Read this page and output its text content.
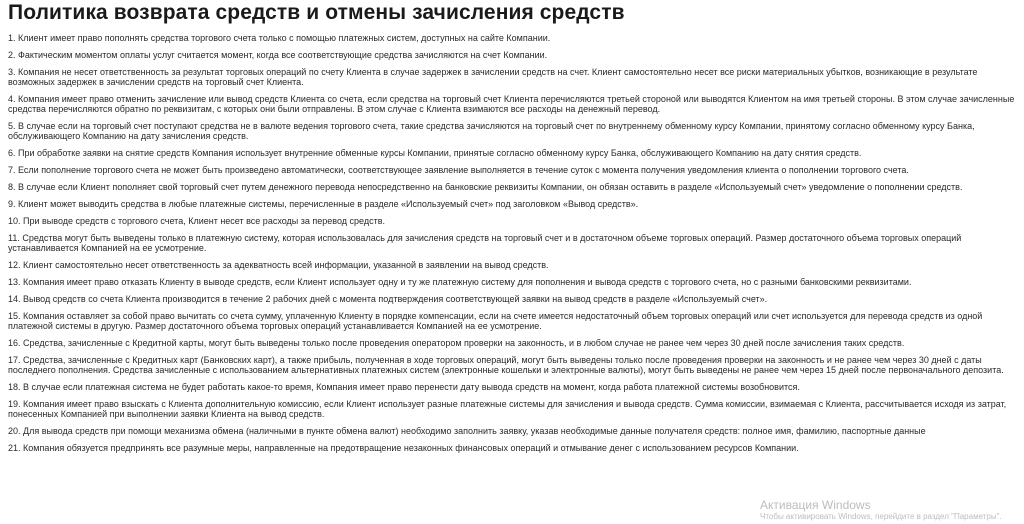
Политика возврата средств и отмены зачисления средств

1. Клиент имеет право пополнять средства торгового счета только с помощью платежных систем, доступных на сайте Компании.

2. Фактическим моментом оплаты услуг считается момент, когда все соответствующие средства зачисляются на счет Компании.

3. Компания не несет ответственность за результат торговых операций по счету Клиента в случае задержек в зачислении средств на счет. Клиент самостоятельно несет все риски материальных убытков, возникающие в результате возможных задержек в зачислении средств на торговый счет Клиента.

4. Компания имеет право отменить зачисление или вывод средств Клиента со счета, если средства на торговый счет Клиента перечисляются третьей стороной или выводятся Клиентом на имя третьей стороны. В этом случае зачисленные средства перечисляются обратно по реквизитам, с которых они были отправлены. В этом случае с Клиента взимаются все расходы на денежный перевод.

5. В случае если на торговый счет поступают средства не в валюте ведения торгового счета, такие средства зачисляются на торговый счет по внутреннему обменному курсу Компании, принятому согласно обменному курсу Банка, обслуживающего Компанию на дату зачисления средств.

6. При обработке заявки на снятие средств Компания использует внутренние обменные курсы Компании, принятые согласно обменному курсу Банка, обслуживающего Компанию на дату снятия средств.

7. Если пополнение торгового счета не может быть произведено автоматически, соответствующее заявление выполняется в течение суток с момента получения уведомления клиента о пополнении торгового счета.

8. В случае если Клиент пополняет свой торговый счет путем денежного перевода непосредственно на банковские реквизиты Компании, он обязан оставить в разделе «Используемый счет» уведомление о пополнении средств.

9. Клиент может выводить средства в любые платежные системы, перечисленные в разделе «Используемый счет» под заголовком «Вывод средств».

10. При выводе средств с торгового счета, Клиент несет все расходы за перевод средств.

11. Средства могут быть выведены только в платежную систему, которая использовалась для зачисления средств на торговый счет и в достаточном объеме торговых операций. Размер достаточного объема торговых операций устанавливается Компанией на ее усмотрение.

12. Клиент самостоятельно несет ответственность за адекватность всей информации, указанной в заявлении на вывод средств.

13. Компания имеет право отказать Клиенту в выводе средств, если Клиент использует одну и ту же платежную систему для пополнения и вывода средств с торгового счета, но с разными банковскими реквизитами.

14. Вывод средств со счета Клиента производится в течение 2 рабочих дней с момента подтверждения соответствующей заявки на вывод средств в разделе «Используемый счет».

15. Компания оставляет за собой право вычитать со счета сумму, уплаченную Клиенту в порядке компенсации, если на счете имеется недостаточный объем торговых операций или счет используется для перевода средств из одной платежной системы в другую. Размер достаточного объема торговых операций устанавливается Компанией на ее усмотрение.

16. Средства, зачисленные с Кредитной карты, могут быть выведены только после проведения оператором проверки на законность, и в любом случае не ранее чем через 30 дней после зачисления таких средств.

17. Средства, зачисленные с Кредитных карт (Банковских карт), а также прибыль, полученная в ходе торговых операций, могут быть выведены только после проведения проверки на законность и не ранее чем через 30 дней с даты последнего пополнения. Средства зачисленные с использованием альтернативных платежных систем (электронные кошельки и электронные валюты), могут быть выведены не ранее чем через 15 дней после первоначального депозита.

18. В случае если платежная система не будет работать какое-то время, Компания имеет право перенести дату вывода средств на момент, когда работа платежной системы возобновится.

19. Компания имеет право взыскать с Клиента дополнительную комиссию, если Клиент использует разные платежные системы для зачисления и вывода средств. Сумма комиссии, взимаемая с Клиента, рассчитывается исходя из затрат, понесенных Компанией при выполнении заявки Клиента на вывод средств.

20. Для вывода средств при помощи механизма обмена (наличными в пункте обмена валют) необходимо заполнить заявку, указав необходимые данные получателя средств: полное имя, фамилию, паспортные данные

21. Компания обязуется предпринять все разумные меры, направленные на предотвращение незаконных финансовых операций и отмывание денег с использованием ресурсов Компании.

Активация Windows
Чтобы активировать Windows, перейдите в раздел "Параметры".
